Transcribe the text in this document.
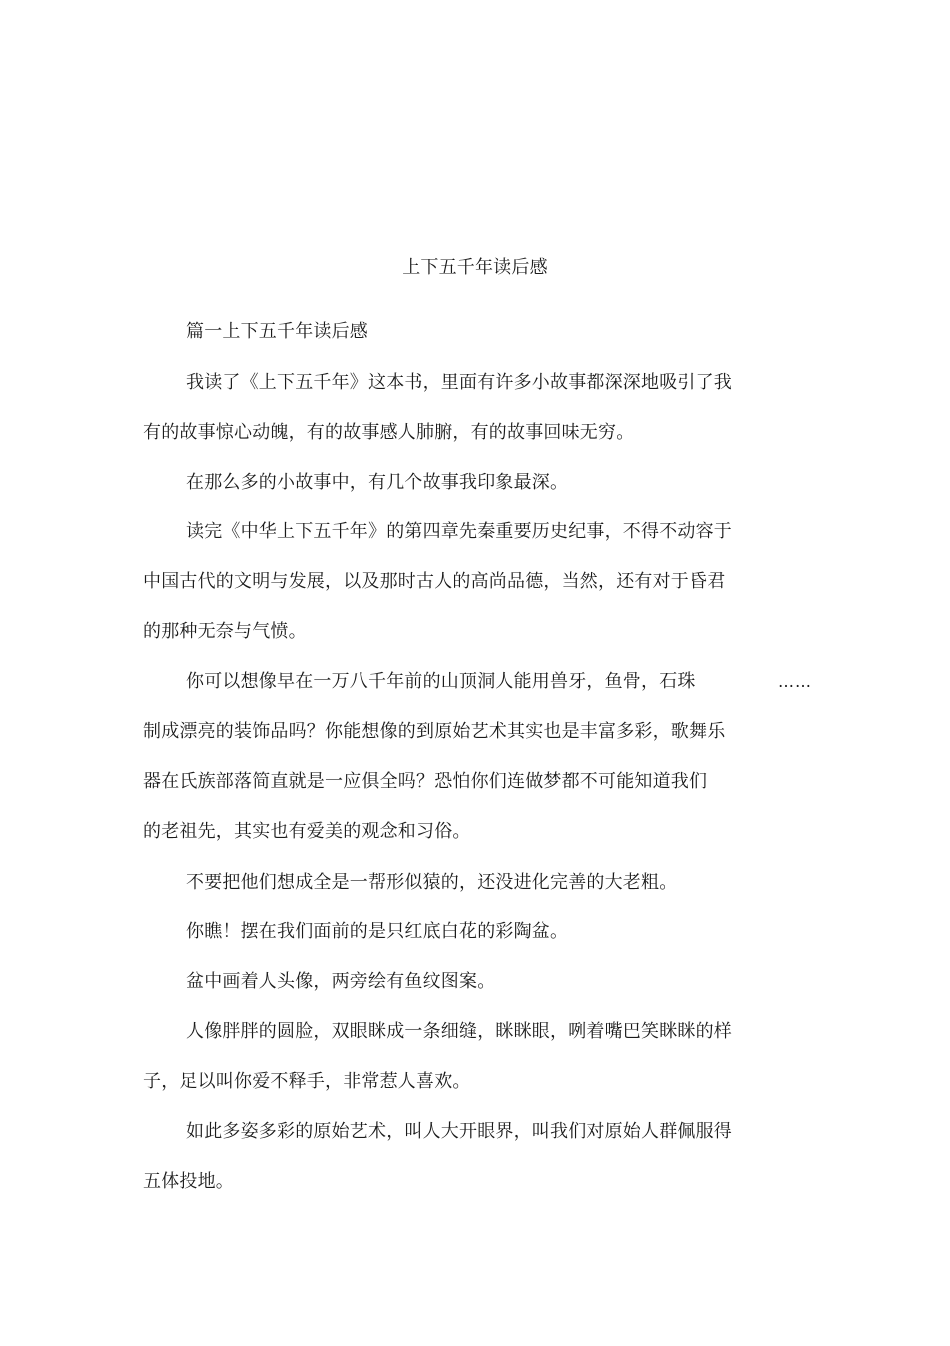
上下五千年读后感
篇一上下五千年读后感
我读了《上下五千年》这本书，里面有许多小故事都深深地吸引了我
有的故事惊心动魄，有的故事感人肺腑，有的故事回味无穷。
在那么多的小故事中，有几个故事我印象最深。
读完《中华上下五千年》的第四章先秦重要历史纪事，不得不动容于
中国古代的文明与发展，以及那时古人的高尚品德，当然，还有对于昏君
的那种无奈与气愤。
你可以想像早在一万八千年前的山顶洞人能用兽牙，鱼骨，石珠	……
制成漂亮的装饰品吗？你能想像的到原始艺术其实也是丰富多彩，歌舞乐
器在氏族部落简直就是一应俱全吗？恐怕你们连做梦都不可能知道我们
的老祖先，其实也有爱美的观念和习俗。
不要把他们想成全是一帮形似猿的，还没进化完善的大老粗。
你瞧！摆在我们面前的是只红底白花的彩陶盆。
盆中画着人头像，两旁绘有鱼纹图案。
人像胖胖的圆脸，双眼眯成一条细缝，眯眯眼，咧着嘴巴笑眯眯的样
子，足以叫你爱不释手，非常惹人喜欢。
如此多姿多彩的原始艺术，叫人大开眼界，叫我们对原始人群佩服得
五体投地。
